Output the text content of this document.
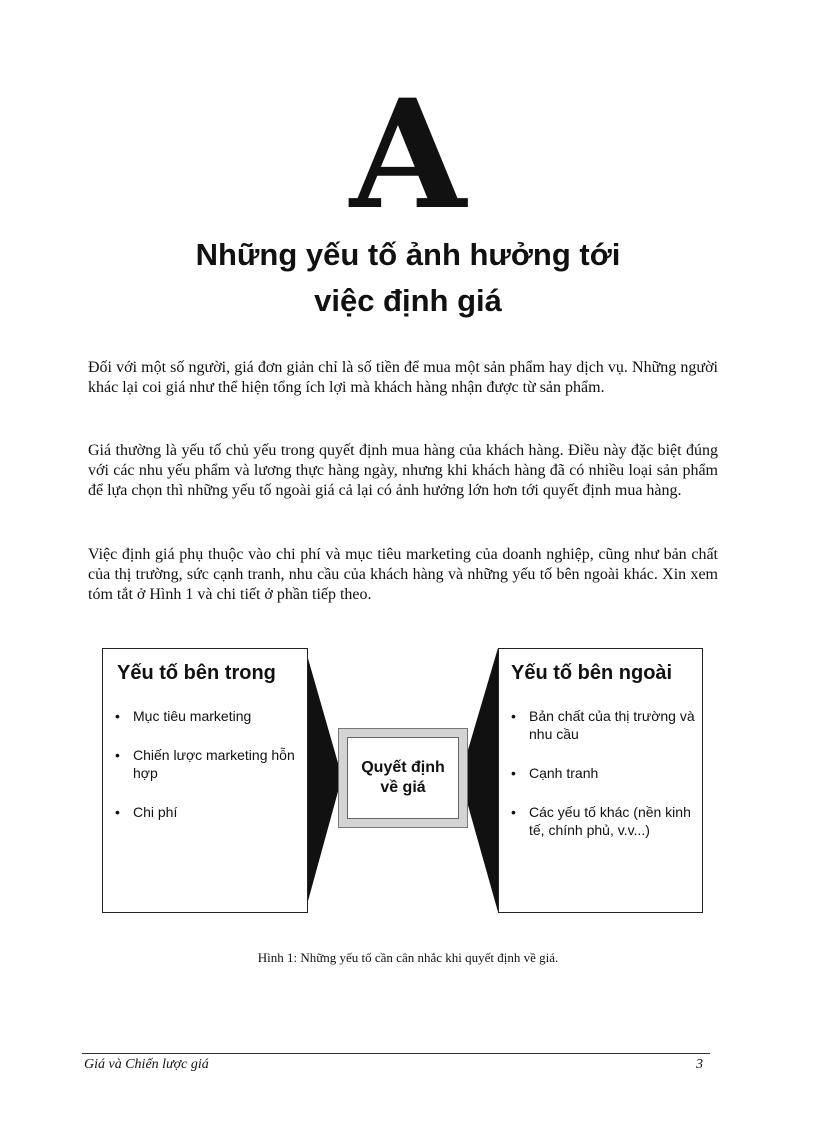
A
Những yếu tố ảnh hưởng tới
việc định giá

Đối với một số người, giá đơn giản chỉ là số tiền để mua một sản phẩm hay dịch vụ. Những người khác lại coi giá như thể hiện tổng ích lợi mà khách hàng nhận được từ sản phẩm.

Giá thường là yếu tố chủ yếu trong quyết định mua hàng của khách hàng. Điều này đặc biệt đúng với các nhu yếu phẩm và lương thực hàng ngày, nhưng khi khách hàng đã có nhiều loại sản phẩm để lựa chọn thì những yếu tố ngoài giá cả lại có ảnh hưởng lớn hơn tới quyết định mua hàng.

Việc định giá phụ thuộc vào chi phí và mục tiêu marketing của doanh nghiệp, cũng như bản chất của thị trường, sức cạnh tranh, nhu cầu của khách hàng và những yếu tố bên ngoài khác. Xin xem tóm tắt ở Hình 1 và chi tiết ở phần tiếp theo.

Yếu tố bên trong
• Mục tiêu marketing
• Chiến lược marketing hỗn hợp
• Chi phí
Quyết định
về giá
Yếu tố bên ngoài
• Bản chất của thị trường và nhu cầu
• Cạnh tranh
• Các yếu tố khác (nền kinh tế, chính phủ, v.v...)
Hình 1: Những yếu tố cần cân nhắc khi quyết định về giá.
Giá và Chiến lược giá	3
